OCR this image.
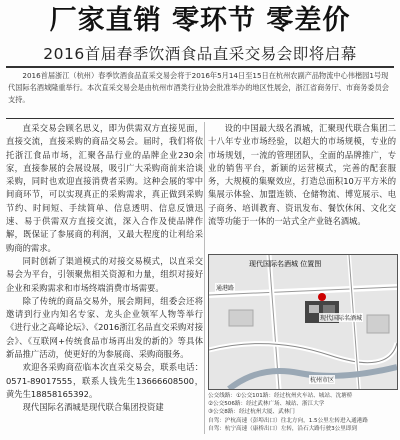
厂家直销 零环节 零差价
2016首届春季饮酒食品直采交易会即将启幕
2016首届浙江（杭州）春季饮酒食品直采交易会将于2016年5月14日至15日在杭州农副产品物流中心伟楷园1号现代国际名酒城隆重举行。本次直采交易会是由杭州市酒类行业协会批准举办的地区性展会，浙江省商务厅、市商务委员会支持。

直采交易会顾名思义，即为供需双方直接见面，直接交流，直接采购的商品交易会。届时，我们将依托浙江食品市场，汇聚各品行业的品牌企业230余家，直接参展的会展设展，吸引广大采购商前来洽谈采购，同时也欢迎直接消费者采购。这种会展的零中间商环节，可以实现真正的采购需求，真正做到采购节约、时间短、手续简单、信息透明、信息反馈迅速、易于供需双方直接交流，深入合作及使品牌作解，既保证了参展商的利润，又最大程度的让利给采购商的需求。

同时创新了渠道模式的对接交易模式，以直采交易会为平台，引领聚焦相关资源和力量，组织对接好企业和采购需求和市场终端消费市场需要。

除了传统的商品交易外，展会期间，组委会还将邀请到行业内知名专家、龙头企业领军人物等举行《进行业之高峰论坛》、《2016浙江名品直交采购对接会》、《互联网+传统食品市场再出发的新的》等具体新品推广活动，使更好的为参展商、采购商服务。

欢迎各采购商莅临本次直采交易会，联系电话：0571-89017555，联系人钱先生13666608500，黄先生18858165392。

现代国际名酒城是现代联合集团投资建

设的中国最大级名酒城，汇聚现代联合集团二十八年专业市场经验，以超大的市场规模，专业的市场规划，一流的管理团队，全面的品牌推广，专业的销售平台，新颖的运营模式，完善的配套服务，大规模的集聚效应，打造总面积10万平方米的集展示体验、加盟连锁、仓储物流、博览展示、电子商务、培训教育、资讯发布、餐饮休闲、文化交流等功能于一体的一站式全产业链名酒城。

现代国际名酒城 位置图
通港路
现代国际名酒城
杭州市区
公交线路：①公交101路：经过杭州火车站、城站、沈塘桥
②公交506路：经过武林广场、城站、浙江大学
③公交8路：经过杭州大厦、武林门
自驾：沪杭高速（彭埠出口）往北方向，1.5公里左转进入通港路
自驾：杭宁高速（康桥出口）左转，沿石大路行驶3公里即到
